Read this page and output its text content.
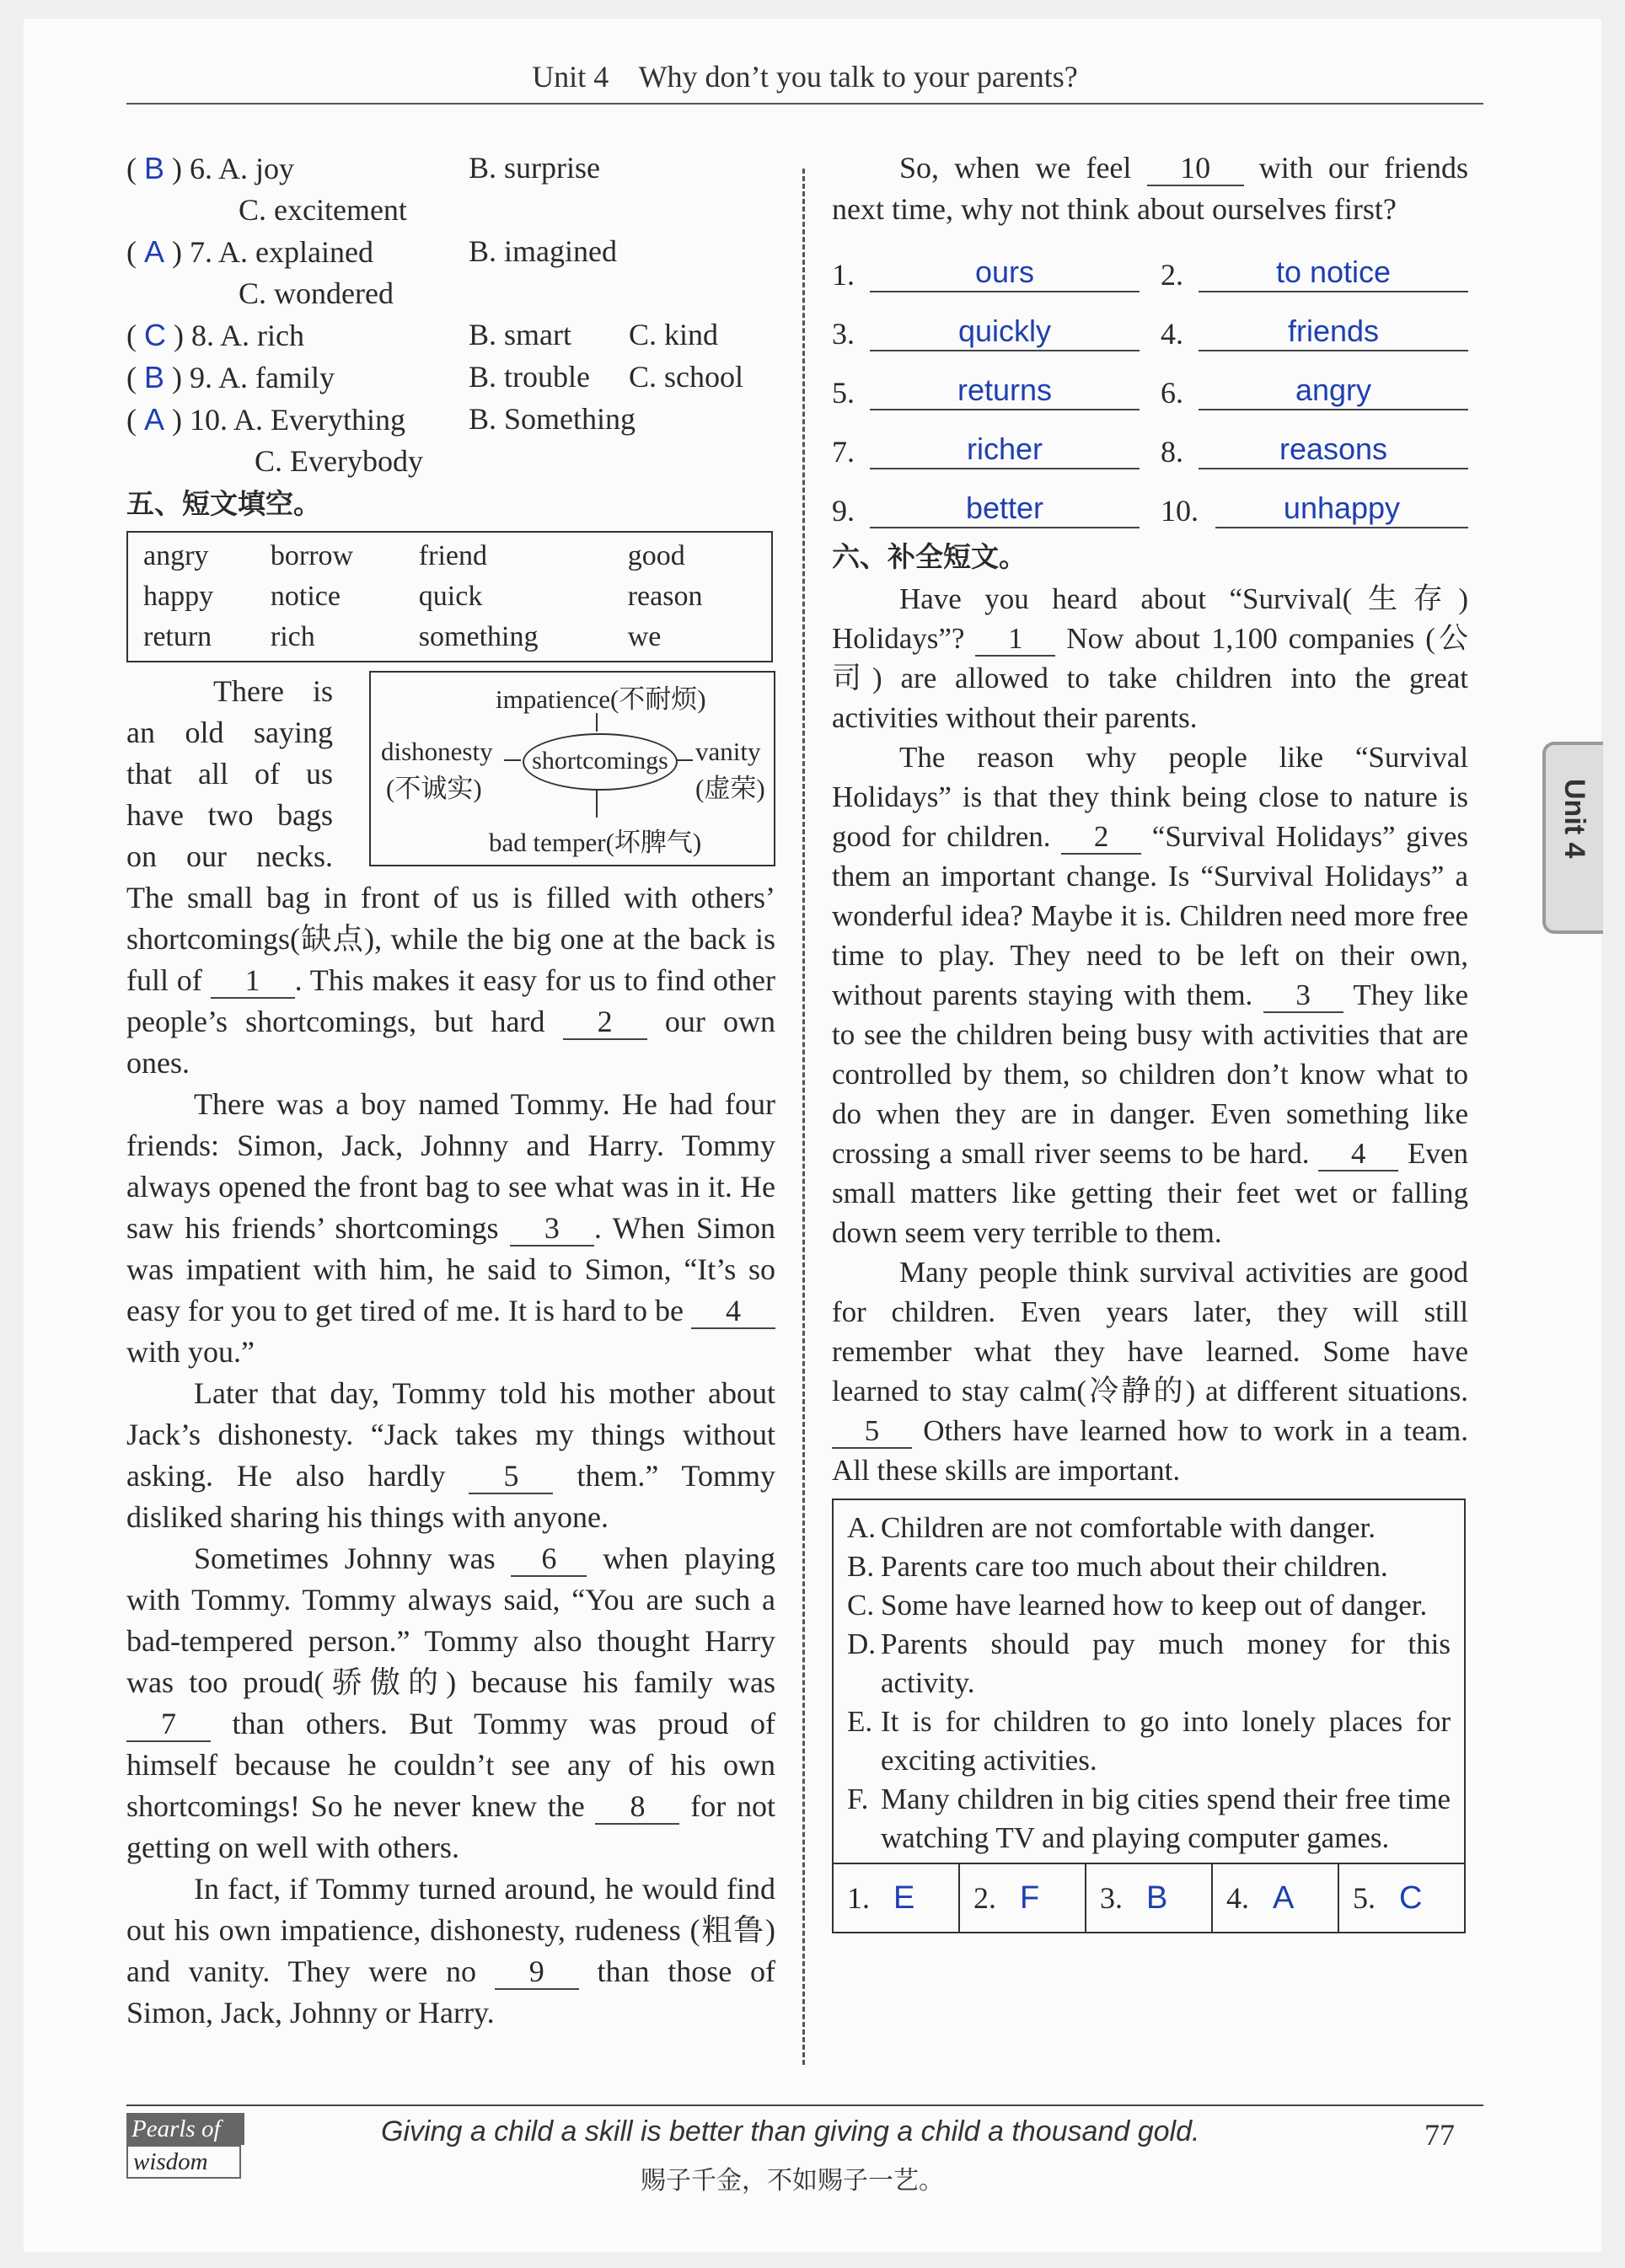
Unit 4 Why don’t you talk to your parents?
Unit 4
( B ) 6. A. joy	B. surprise
C. excitement
( A ) 7. A. explained	B. imagined
C. wondered
( C ) 8. A. rich	B. smart C. kind
( B ) 9. A. family	B. trouble C. school
( A ) 10. A. Everything B. Something
C. Everybody
五、短文填空。
angry	borrow	friend	good
happy	notice	quick	reason
return	rich	something	we
impatience(不耐烦)
dishonesty
(不诚实)
shortcomings	vanity
(虚荣)
bad temper(坏脾气)
There is
an old saying
that all of us
have two bags
on our necks.
The small bag in front of us is filled with others’ shortcomings(缺点), while the big one at the back is full of 1 . This makes it easy for us to find other people’s shortcomings, but hard 2 our own ones.
There was a boy named Tommy. He had four friends: Simon, Jack, Johnny and Harry. Tommy always opened the front bag to see what was in it. He saw his friends’ shortcomings 3 . When Simon was impatient with him, he said to Simon, “It’s so easy for you to get tired of me. It is hard to be 4 with you.”
Later that day, Tommy told his mother about Jack’s dishonesty. “Jack takes my things without asking. He also hardly 5 them.” Tommy disliked sharing his things with anyone.
Sometimes Johnny was 6 when playing with Tommy. Tommy always said, “You are such a bad-tempered person.” Tommy also thought Harry was too proud(骄傲的) because his family was 7 than others. But Tommy was proud of himself because he couldn’t see any of his own shortcomings! So he never knew the 8 for not getting on well with others.
In fact, if Tommy turned around, he would find out his own impatience, dishonesty, rudeness (粗鲁) and vanity. They were no 9 than those of Simon, Jack, Johnny or Harry.
So, when we feel 10 with our friends next time, why not think about ourselves first?
1.	ours	2.	to notice
3.	quickly	4.	friends
5.	returns	6.	angry
7.	richer	8.	reasons
9.	better	10.	unhappy
六、补全短文。
Have you heard about “Survival(生存) Holidays”? 1 Now about 1,100 companies (公司) are allowed to take children into the great activities without their parents.
The reason why people like “Survival Holidays” is that they think being close to nature is good for children. 2 “Survival Holidays” gives them an important change. Is “Survival Holidays” a wonderful idea? Maybe it is. Children need more free time to play. They need to be left on their own, without parents staying with them. 3 They like to see the children being busy with activities that are controlled by them, so children don’t know what to do when they are in danger. Even something like crossing a small river seems to be hard. 4 Even small matters like getting their feet wet or falling down seem very terrible to them.
Many people think survival activities are good for children. Even years later, they will still remember what they have learned. Some have learned to stay calm(冷静的) at different situations. 5 Others have learned how to work in a team. All these skills are important.
A. Children are not comfortable with danger.
B. Parents care too much about their children.
C. Some have learned how to keep out of danger.
D. Parents should pay much money for this activity.
E. It is for children to go into lonely places for exciting activities.
F. Many children in big cities spend their free time watching TV and playing computer games.
1. E 2. F 3. B 4. A 5. C
Pearls of
wisdom
Giving a child a skill is better than giving a child a thousand gold.
赐子千金，不如赐子一艺。
77
